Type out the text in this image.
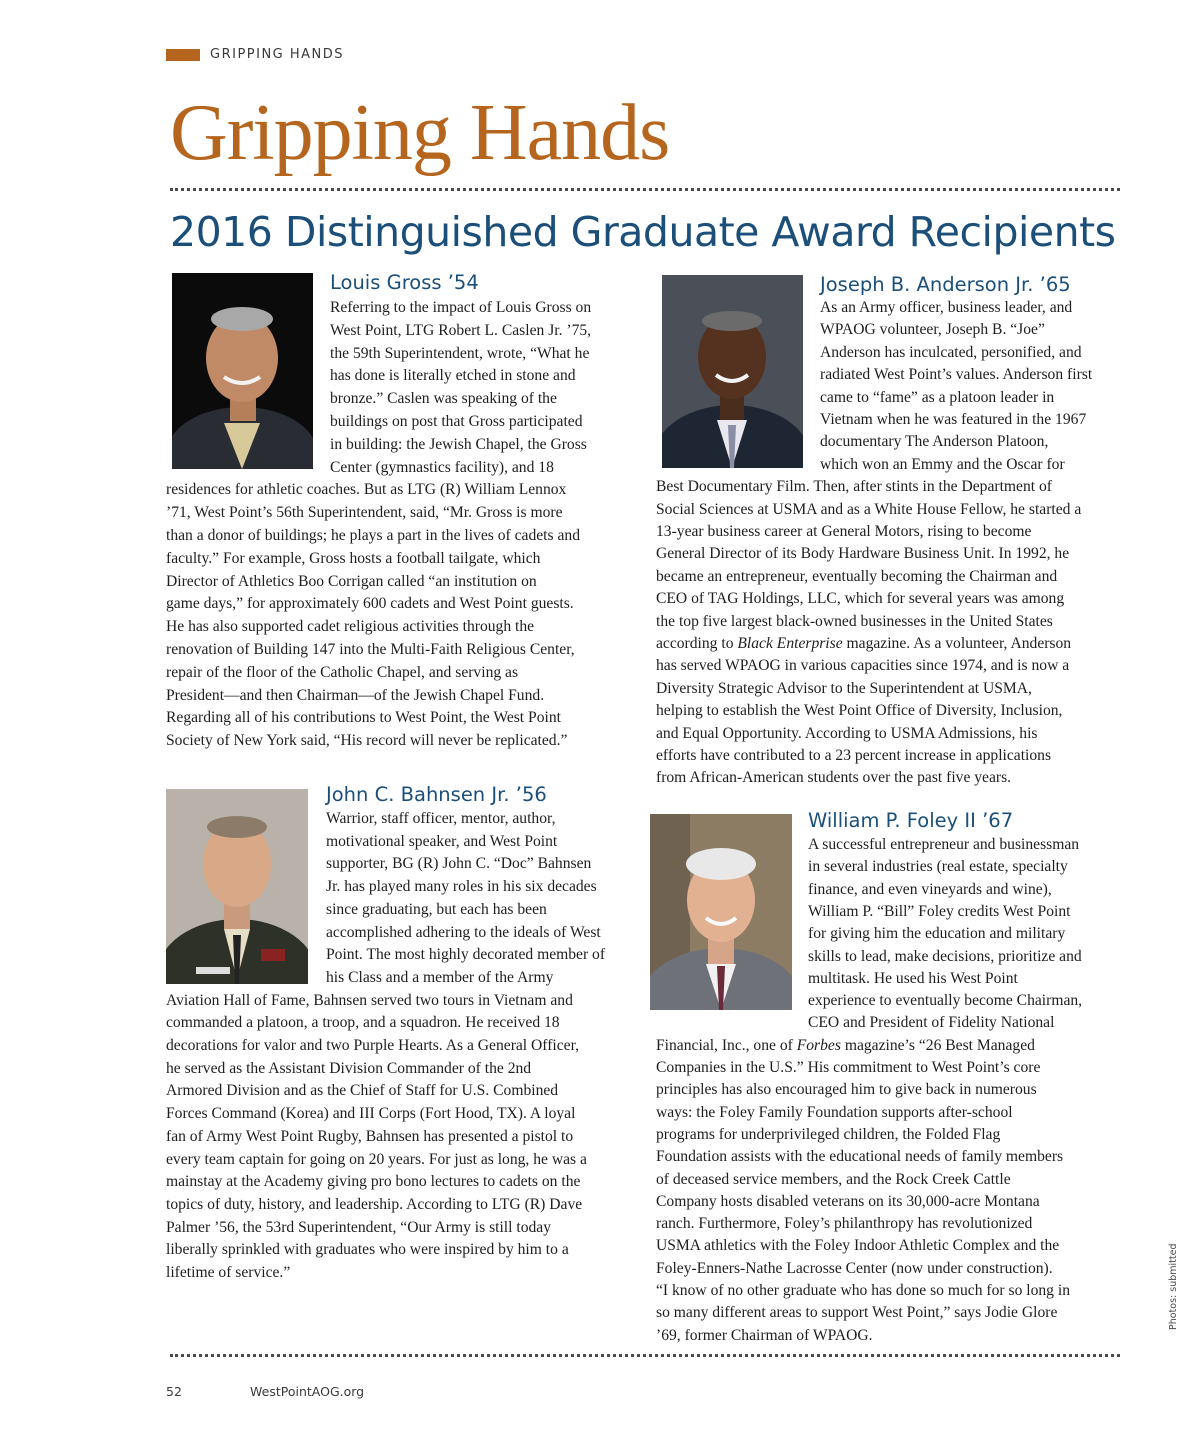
GRIPPING HANDS
Gripping Hands
2016 Distinguished Graduate Award Recipients
Louis Gross ’54
Referring to the impact of Louis Gross on
West Point, LTG Robert L. Caslen Jr. ’75,
the 59th Superintendent, wrote, “What he
has done is literally etched in stone and
bronze.” Caslen was speaking of the
buildings on post that Gross participated
in building: the Jewish Chapel, the Gross
Center (gymnastics facility), and 18
residences for athletic coaches. But as LTG (R) William Lennox
’71, West Point’s 56th Superintendent, said, “Mr. Gross is more
than a donor of buildings; he plays a part in the lives of cadets and
faculty.” For example, Gross hosts a football tailgate, which
Director of Athletics Boo Corrigan called “an institution on
game days,” for approximately 600 cadets and West Point guests.
He has also supported cadet religious activities through the
renovation of Building 147 into the Multi-Faith Religious Center,
repair of the floor of the Catholic Chapel, and serving as
President—and then Chairman—of the Jewish Chapel Fund.
Regarding all of his contributions to West Point, the West Point
Society of New York said, “His record will never be replicated.”
Joseph B. Anderson Jr. ’65
As an Army officer, business leader, and
WPAOG volunteer, Joseph B. “Joe”
Anderson has inculcated, personified, and
radiated West Point’s values. Anderson first
came to “fame” as a platoon leader in
Vietnam when he was featured in the 1967
documentary The Anderson Platoon,
which won an Emmy and the Oscar for
Best Documentary Film. Then, after stints in the Department of
Social Sciences at USMA and as a White House Fellow, he started a
13-year business career at General Motors, rising to become
General Director of its Body Hardware Business Unit. In 1992, he
became an entrepreneur, eventually becoming the Chairman and
CEO of TAG Holdings, LLC, which for several years was among
the top five largest black-owned businesses in the United States
according to Black Enterprise magazine. As a volunteer, Anderson
has served WPAOG in various capacities since 1974, and is now a
Diversity Strategic Advisor to the Superintendent at USMA,
helping to establish the West Point Office of Diversity, Inclusion,
and Equal Opportunity. According to USMA Admissions, his
efforts have contributed to a 23 percent increase in applications
from African-American students over the past five years.
John C. Bahnsen Jr. ’56
Warrior, staff officer, mentor, author,
motivational speaker, and West Point
supporter, BG (R) John C. “Doc” Bahnsen
Jr. has played many roles in his six decades
since graduating, but each has been
accomplished adhering to the ideals of West
Point. The most highly decorated member of
his Class and a member of the Army
Aviation Hall of Fame, Bahnsen served two tours in Vietnam and
commanded a platoon, a troop, and a squadron. He received 18
decorations for valor and two Purple Hearts. As a General Officer,
he served as the Assistant Division Commander of the 2nd
Armored Division and as the Chief of Staff for U.S. Combined
Forces Command (Korea) and III Corps (Fort Hood, TX). A loyal
fan of Army West Point Rugby, Bahnsen has presented a pistol to
every team captain for going on 20 years. For just as long, he was a
mainstay at the Academy giving pro bono lectures to cadets on the
topics of duty, history, and leadership. According to LTG (R) Dave
Palmer ’56, the 53rd Superintendent, “Our Army is still today
liberally sprinkled with graduates who were inspired by him to a
lifetime of service.”
William P. Foley II ’67
A successful entrepreneur and businessman
in several industries (real estate, specialty
finance, and even vineyards and wine),
William P. “Bill” Foley credits West Point
for giving him the education and military
skills to lead, make decisions, prioritize and
multitask. He used his West Point
experience to eventually become Chairman,
CEO and President of Fidelity National
Financial, Inc., one of Forbes magazine’s “26 Best Managed
Companies in the U.S.” His commitment to West Point’s core
principles has also encouraged him to give back in numerous
ways: the Foley Family Foundation supports after-school
programs for underprivileged children, the Folded Flag
Foundation assists with the educational needs of family members
of deceased service members, and the Rock Creek Cattle
Company hosts disabled veterans on its 30,000-acre Montana
ranch. Furthermore, Foley’s philanthropy has revolutionized
USMA athletics with the Foley Indoor Athletic Complex and the
Foley-Enners-Nathe Lacrosse Center (now under construction).
“I know of no other graduate who has done so much for so long in
so many different areas to support West Point,” says Jodie Glore
’69, former Chairman of WPAOG.
52	WestPointAOG.org
Photos: submitted
